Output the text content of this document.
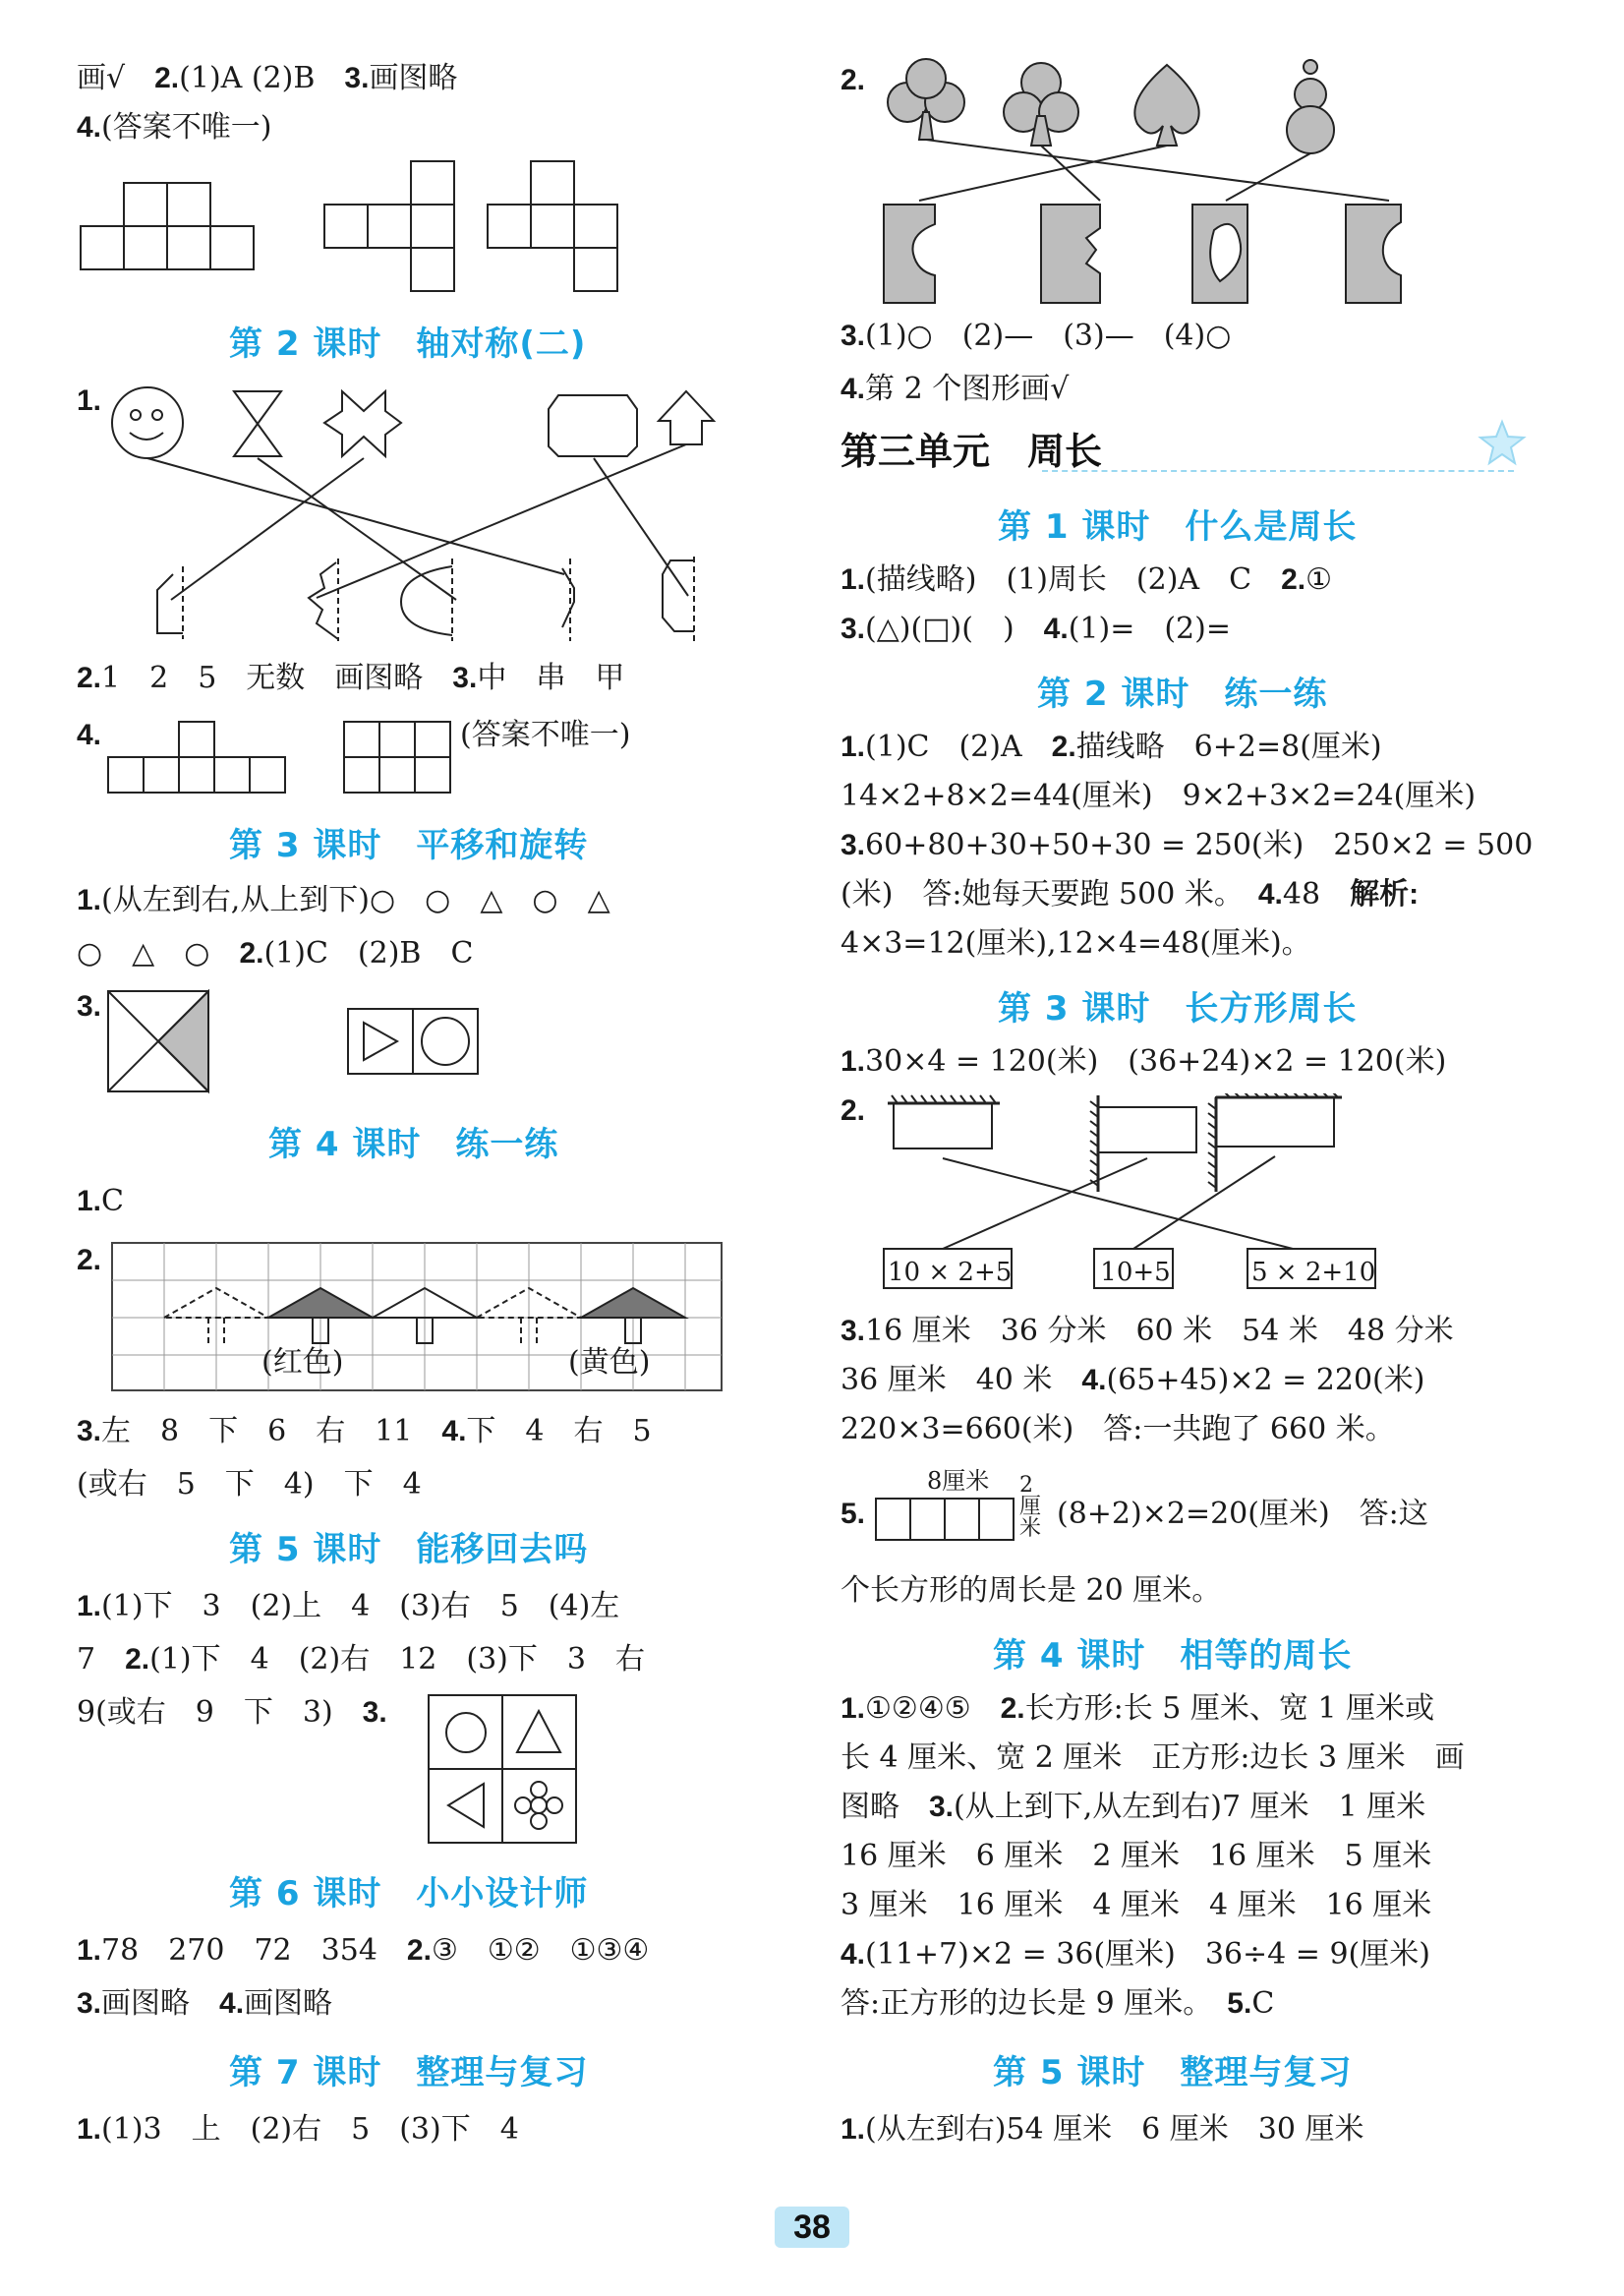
画√　 2.(1)A (2)B　 3.画图略
4.(答案不唯一)
第 2 课时　轴对称(二)
1.
2.1　2　5　无数　画图略　 3.中　串　甲
4.	(答案不唯一)
第 3 课时　平移和旋转
1.(从左到右,从上到下)○　○　△　○　△
○　△　○　 2.(1)C　(2)B　C
3.
第 4 课时　练一练
1.C
2.
(红色)	(黄色)
3.左　8　下　6　右　11　 4.下　4　右　5
(或右　5　下　4)　下　4
第 5 课时　能移回去吗
1.(1)下　3　(2)上　4　(3)右　5　(4)左
7　 2.(1)下　4　(2)右　12　(3)下　3　右
9(或右　9　下　3)　 3.
第 6 课时　小小设计师
1.78　270　72　354　 2.③　①②　①③④
3.画图略　 4.画图略
第 7 课时　整理与复习
1.(1)3　上　(2)右　5　(3)下　4
2.
3.(1)○　(2)—　(3)—　(4)○
4.第 2 个图形画√
第三单元　周长
第 1 课时　什么是周长
1.(描线略)　(1)周长　(2)A　C　 2.①
3.(△)(□)(　)　 4.(1)=　(2)=
第 2 课时　练一练
1.(1)C　(2)A　 2.描线略　6+2=8(厘米)
14×2+8×2=44(厘米)　9×2+3×2=24(厘米)
3.60+80+30+50+30 = 250(米)　250×2 = 500
(米)　答:她每天要跑 500 米。　 4.48　 解析:
4×3=12(厘米),12×4=48(厘米)。
第 3 课时　长方形周长
1.30×4 = 120(米)　(36+24)×2 = 120(米)
2.
10 × 2+5	10+5	5 × 2+10
3.16 厘米　36 分米　60 米　54 米　48 分米
36 厘米　40 米　 4.(65+45)×2 = 220(米)
220×3=660(米)　答:一共跑了 660 米。
5.
8厘米 2厘米 (8+2)×2=20(厘米)　答:这
个长方形的周长是 20 厘米。
第 4 课时　相等的周长
1.①②④⑤　 2.长方形:长 5 厘米、宽 1 厘米或
长 4 厘米、宽 2 厘米　正方形:边长 3 厘米　画
图略　 3.(从上到下,从左到右)7 厘米　1 厘米
16 厘米　6 厘米　2 厘米　16 厘米　5 厘米
3 厘米　16 厘米　4 厘米　4 厘米　16 厘米
4.(11+7)×2 = 36(厘米)　36÷4 = 9(厘米)
答:正方形的边长是 9 厘米。　 5.C
第 5 课时　整理与复习
1.(从左到右)54 厘米　6 厘米　30 厘米
38
